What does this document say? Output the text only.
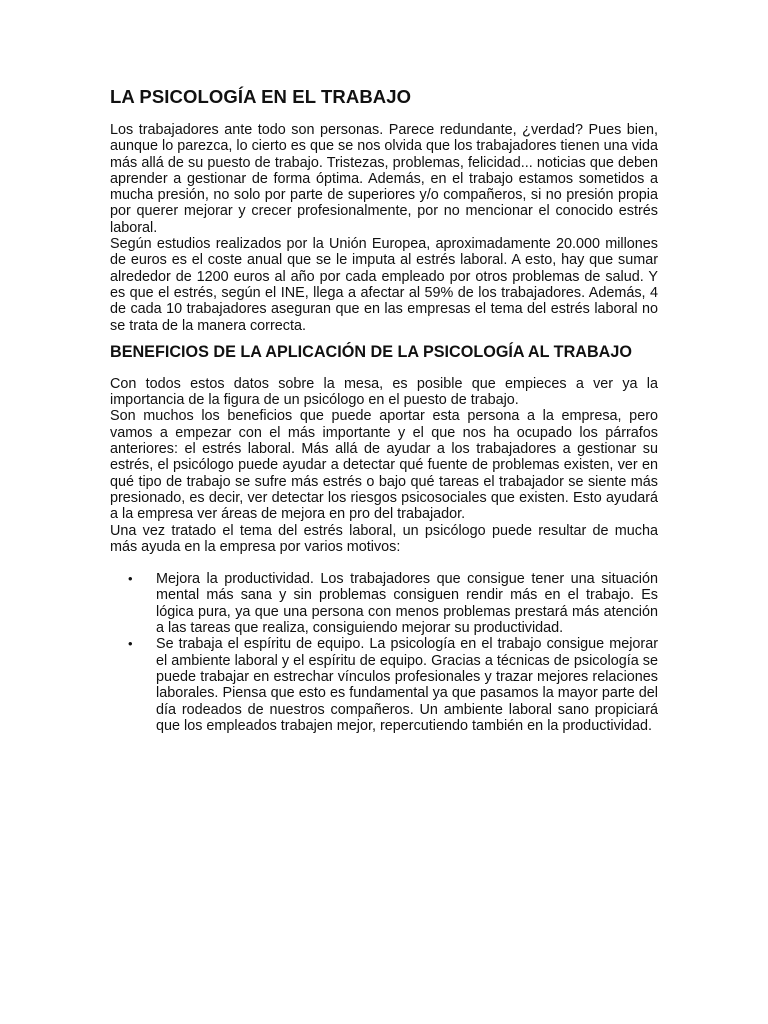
LA PSICOLOGÍA EN EL TRABAJO

Los trabajadores ante todo son personas. Parece redundante, ¿verdad? Pues bien, aunque lo parezca, lo cierto es que se nos olvida que los trabajadores tienen una vida más allá de su puesto de trabajo. Tristezas, problemas, felicidad... noticias que deben aprender a gestionar de forma óptima. Además, en el trabajo estamos sometidos a mucha presión, no solo por parte de superiores y/o compañeros, si no presión propia por querer mejorar y crecer profesionalmente, por no mencionar el conocido estrés laboral.

Según estudios realizados por la Unión Europea, aproximadamente 20.000 millones de euros es el coste anual que se le imputa al estrés laboral. A esto, hay que sumar alrededor de 1200 euros al año por cada empleado por otros problemas de salud. Y es que el estrés, según el INE, llega a afectar al 59% de los trabajadores. Además, 4 de cada 10 trabajadores aseguran que en las empresas el tema del estrés laboral no se trata de la manera correcta.

BENEFICIOS DE LA APLICACIÓN DE LA PSICOLOGÍA AL TRABAJO

Con todos estos datos sobre la mesa, es posible que empieces a ver ya la importancia de la figura de un psicólogo en el puesto de trabajo.

Son muchos los beneficios que puede aportar esta persona a la empresa, pero vamos a empezar con el más importante y el que nos ha ocupado los párrafos anteriores: el estrés laboral. Más allá de ayudar a los trabajadores a gestionar su estrés, el psicólogo puede ayudar a detectar qué fuente de problemas existen, ver en qué tipo de trabajo se sufre más estrés o bajo qué tareas el trabajador se siente más presionado, es decir, ver detectar los riesgos psicosociales que existen. Esto ayudará a la empresa ver áreas de mejora en pro del trabajador.

Una vez tratado el tema del estrés laboral, un psicólogo puede resultar de mucha más ayuda en la empresa por varios motivos:

• Mejora la productividad. Los trabajadores que consigue tener una situación mental más sana y sin problemas consiguen rendir más en el trabajo. Es lógica pura, ya que una persona con menos problemas prestará más atención a las tareas que realiza, consiguiendo mejorar su productividad.
• Se trabaja el espíritu de equipo. La psicología en el trabajo consigue mejorar el ambiente laboral y el espíritu de equipo. Gracias a técnicas de psicología se puede trabajar en estrechar vínculos profesionales y trazar mejores relaciones laborales. Piensa que esto es fundamental ya que pasamos la mayor parte del día rodeados de nuestros compañeros. Un ambiente laboral sano propiciará que los empleados trabajen mejor, repercutiendo también en la productividad.
